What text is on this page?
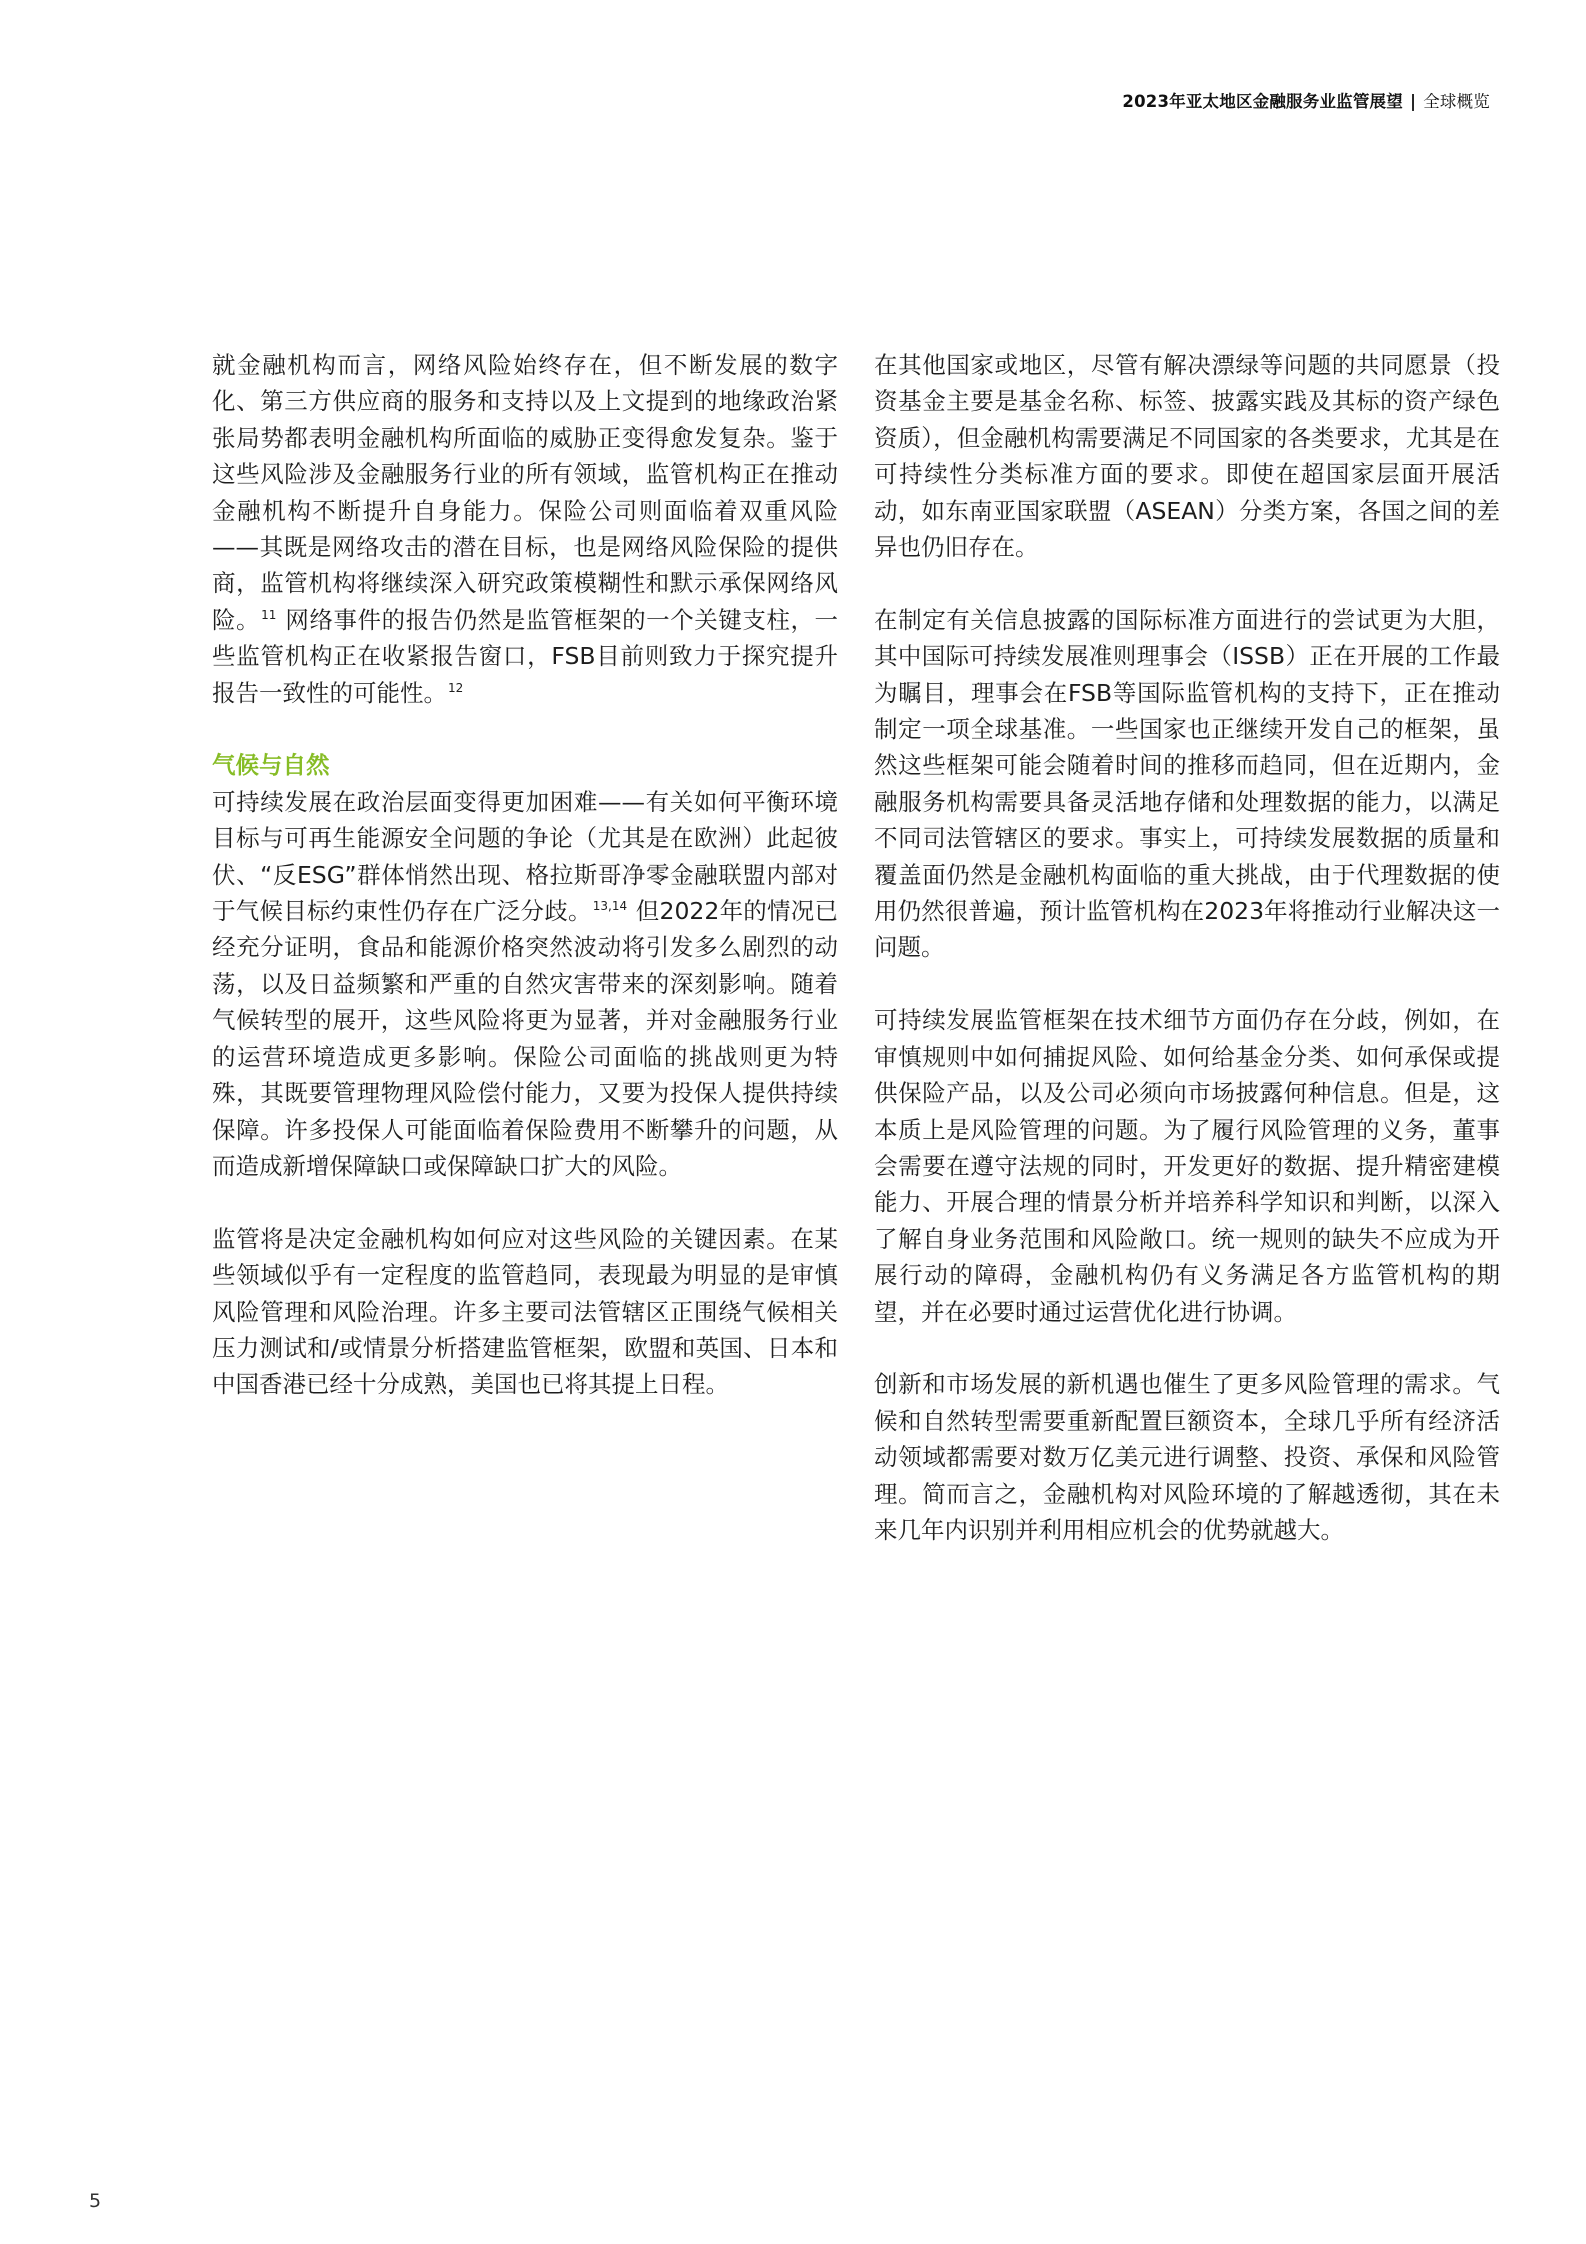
2023年亚太地区金融服务业监管展望 | 全球概览

就金融机构而言，网络风险始终存在，但不断发展的数字化、第三方供应商的服务和支持以及上文提到的地缘政治紧张局势都表明金融机构所面临的威胁正变得愈发复杂。鉴于这些风险涉及金融服务行业的所有领域，监管机构正在推动金融机构不断提升自身能力。保险公司则面临着双重风险——其既是网络攻击的潜在目标，也是网络风险保险的提供商，监管机构将继续深入研究政策模糊性和默示承保网络风险。$^{11}$ 网络事件的报告仍然是监管框架的一个关键支柱，一些监管机构正在收紧报告窗口，FSB目前则致力于探究提升报告一致性的可能性。$^{12}$

气候与自然

可持续发展在政治层面变得更加困难——有关如何平衡环境目标与可再生能源安全问题的争论（尤其是在欧洲）此起彼伏、“反ESG”群体悄然出现、格拉斯哥净零金融联盟内部对于气候目标约束性仍存在广泛分歧。$^{13,14}$ 但2022年的情况已经充分证明，食品和能源价格突然波动将引发多么剧烈的动荡，以及日益频繁和严重的自然灾害带来的深刻影响。随着气候转型的展开，这些风险将更为显著，并对金融服务行业的运营环境造成更多影响。保险公司面临的挑战则更为特殊，其既要管理物理风险偿付能力，又要为投保人提供持续保障。许多投保人可能面临着保险费用不断攀升的问题，从而造成新增保障缺口或保障缺口扩大的风险。

监管将是决定金融机构如何应对这些风险的关键因素。在某些领域似乎有一定程度的监管趋同，表现最为明显的是审慎风险管理和风险治理。许多主要司法管辖区正围绕气候相关压力测试和/或情景分析搭建监管框架，欧盟和英国、日本和中国香港已经十分成熟，美国也已将其提上日程。

在其他国家或地区，尽管有解决漂绿等问题的共同愿景（投资基金主要是基金名称、标签、披露实践及其标的资产绿色资质），但金融机构需要满足不同国家的各类要求，尤其是在可持续性分类标准方面的要求。即使在超国家层面开展活动，如东南亚国家联盟（ASEAN）分类方案，各国之间的差异也仍旧存在。

在制定有关信息披露的国际标准方面进行的尝试更为大胆，其中国际可持续发展准则理事会（ISSB）正在开展的工作最为瞩目，理事会在FSB等国际监管机构的支持下，正在推动制定一项全球基准。一些国家也正继续开发自己的框架，虽然这些框架可能会随着时间的推移而趋同，但在近期内，金融服务机构需要具备灵活地存储和处理数据的能力，以满足不同司法管辖区的要求。事实上，可持续发展数据的质量和覆盖面仍然是金融机构面临的重大挑战，由于代理数据的使用仍然很普遍，预计监管机构在2023年将推动行业解决这一问题。

可持续发展监管框架在技术细节方面仍存在分歧，例如，在审慎规则中如何捕捉风险、如何给基金分类、如何承保或提供保险产品，以及公司必须向市场披露何种信息。但是，这本质上是风险管理的问题。为了履行风险管理的义务，董事会需要在遵守法规的同时，开发更好的数据、提升精密建模能力、开展合理的情景分析并培养科学知识和判断，以深入了解自身业务范围和风险敞口。统一规则的缺失不应成为开展行动的障碍，金融机构仍有义务满足各方监管机构的期望，并在必要时通过运营优化进行协调。

创新和市场发展的新机遇也催生了更多风险管理的需求。气候和自然转型需要重新配置巨额资本，全球几乎所有经济活动领域都需要对数万亿美元进行调整、投资、承保和风险管理。简而言之，金融机构对风险环境的了解越透彻，其在未来几年内识别并利用相应机会的优势就越大。

5
